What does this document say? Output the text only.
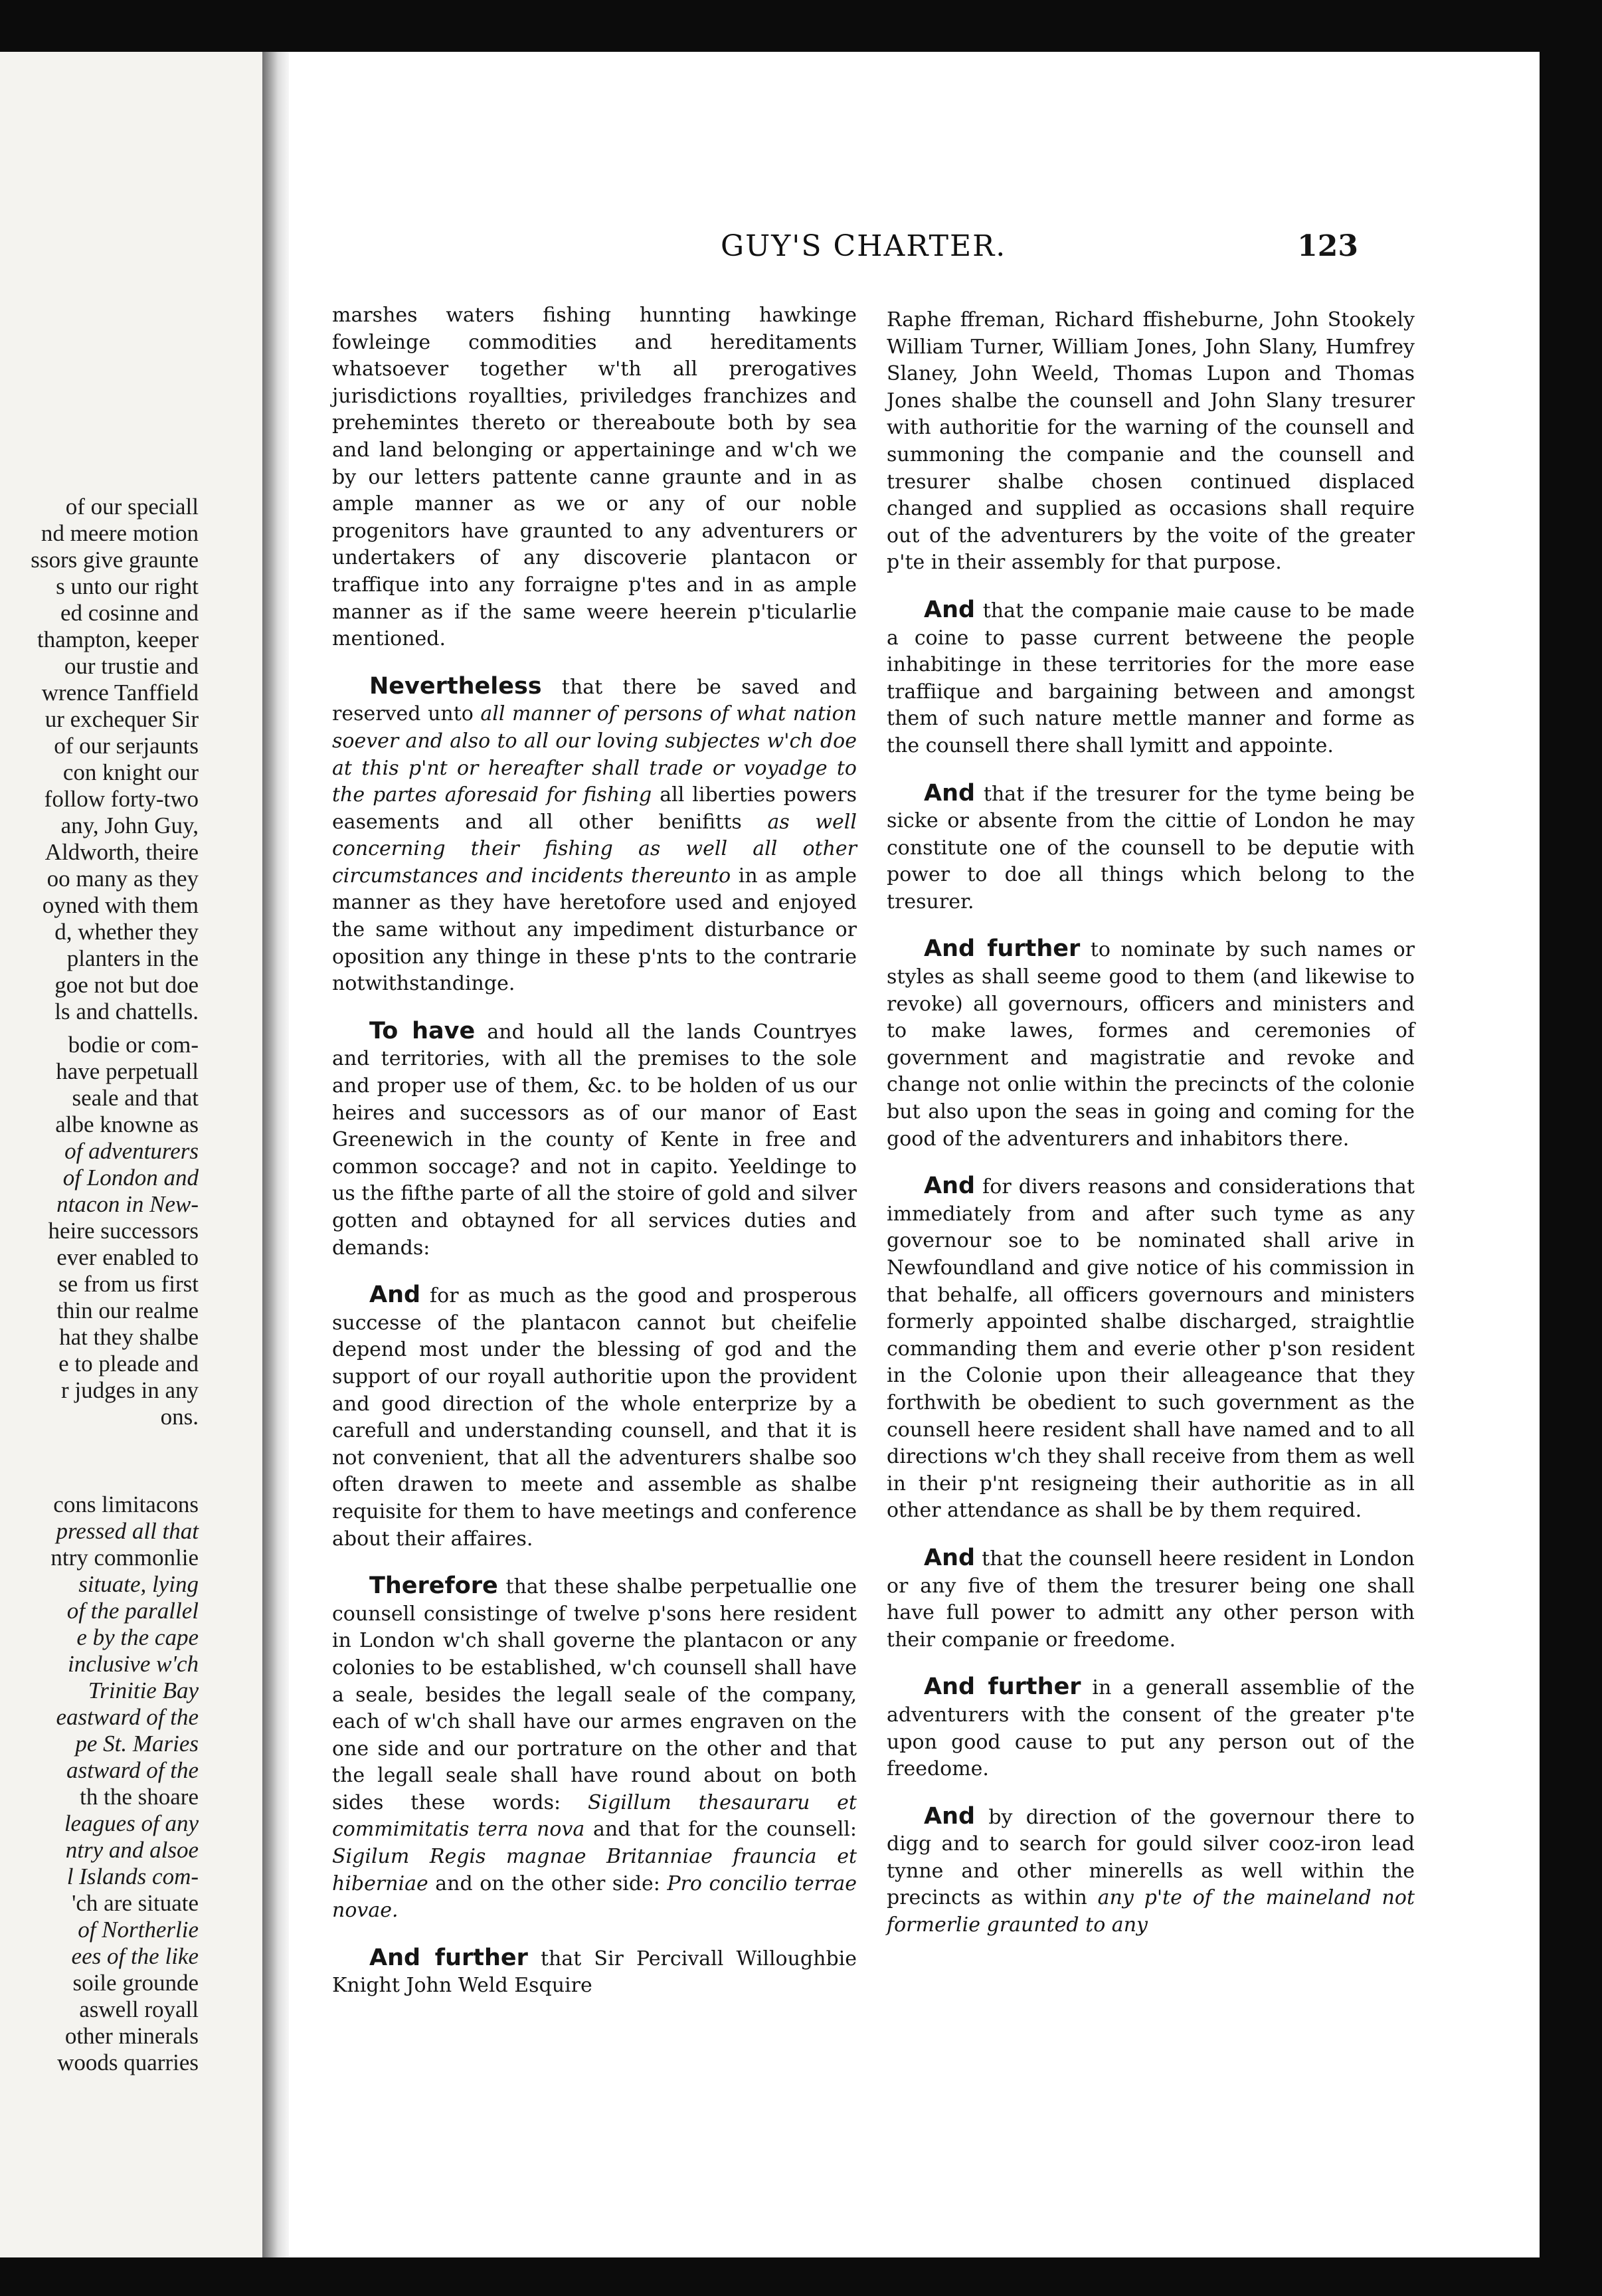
of our speciall
nd meere motion
ssors give graunte
s unto our right
ed cosinne and
thampton, keeper
our trustie and
wrence Tanffield
ur exchequer Sir
of our serjaunts
con knight our
follow forty-two
any, John Guy,
Aldworth, theire
oo many as they
oyned with them
d, whether they
planters in the
goe not but doe
ls and chattells.
bodie or com-
have perpetuall
seale and that
albe knowne as
of adventurers
of London and
ntacon in New-
heire successors
ever enabled to
se from us first
thin our realme
hat they shalbe
e to pleade and
r judges in any
ons.
cons limitacons
pressed all that
ntry commonlie
situate, lying
of the parallel
e by the cape
inclusive w'ch
Trinitie Bay
eastward of the
pe St. Maries
astward of the
th the shoare
leagues of any
ntry and alsoe
l Islands com-
'ch are situate
of Northerlie
ees of the like
soile grounde
aswell royall
other minerals
woods quarries
GUY'S CHARTER.	123

marshes waters fishing hunnting hawkinge fowleinge commodities and hereditaments whatsoever together w'th all prerogatives jurisdictions royallties, priviledges franchizes and prehemintes thereto or thereaboute both by sea and land belonging or appertaininge and w'ch we by our letters pattente canne graunte and in as ample manner as we or any of our noble progenitors have graunted to any adventurers or undertakers of any discoverie plantacon or traffique into any forraigne p'tes and in as ample manner as if the same weere heerein p'ticularlie mentioned.

Nevertheless that there be saved and reserved unto all manner of persons of what nation soever and also to all our loving subjectes w'ch doe at this p'nt or hereafter shall trade or voyadge to the partes aforesaid for fishing all liberties powers easements and all other benifitts as well concerning their fishing as well all other circumstances and incidents thereunto in as ample manner as they have heretofore used and enjoyed the same without any impediment disturbance or oposition any thinge in these p'nts to the contrarie notwithstandinge.

To have and hould all the lands Countryes and territories, with all the premises to the sole and proper use of them, &c. to be holden of us our heires and successors as of our manor of East Greenewich in the county of Kente in free and common soccage? and not in capito. Yeeldinge to us the fifthe parte of all the stoire of gold and silver gotten and obtayned for all services duties and demands:

And for as much as the good and prosperous successe of the plantacon cannot but cheifelie depend most under the blessing of god and the support of our royall authoritie upon the provident and good direction of the whole enterprize by a carefull and understanding counsell, and that it is not convenient, that all the adventurers shalbe soo often drawen to meete and assemble as shalbe requisite for them to have meetings and conference about their affaires.

Therefore that these shalbe perpetuallie one counsell consistinge of twelve p'sons here resident in London w'ch shall governe the plantacon or any colonies to be established, w'ch counsell shall have a seale, besides the legall seale of the company, each of w'ch shall have our armes engraven on the one side and our portrature on the other and that the legall seale shall have round about on both sides these words: Sigillum thesauraru et commimitatis terra nova and that for the counsell: Sigilum Regis magnae Britanniae frauncia et hiberniae and on the other side: Pro concilio terrae novae.

And further that Sir Percivall Willoughbie Knight John Weld Esquire

Raphe ffreman, Richard ffisheburne, John Stookely William Turner, William Jones, John Slany, Humfrey Slaney, John Weeld, Thomas Lupon and Thomas Jones shalbe the counsell and John Slany tresurer with authoritie for the warning of the counsell and summoning the companie and the counsell and tresurer shalbe chosen continued displaced changed and supplied as occasions shall require out of the adventurers by the voite of the greater p'te in their assembly for that purpose.

And that the companie maie cause to be made a coine to passe current betweene the people inhabitinge in these territories for the more ease traffiique and bargaining between and amongst them of such nature mettle manner and forme as the counsell there shall lymitt and appointe.

And that if the tresurer for the tyme being be sicke or absente from the cittie of London he may constitute one of the counsell to be deputie with power to doe all things which belong to the tresurer.

And further to nominate by such names or styles as shall seeme good to them (and likewise to revoke) all governours, officers and ministers and to make lawes, formes and ceremonies of government and magistratie and revoke and change not onlie within the precincts of the colonie but also upon the seas in going and coming for the good of the adventurers and inhabitors there.

And for divers reasons and considerations that immediately from and after such tyme as any governour soe to be nominated shall arive in Newfoundland and give notice of his commission in that behalfe, all officers governours and ministers formerly appointed shalbe discharged, straightlie commanding them and everie other p'son resident in the Colonie upon their alleageance that they forthwith be obedient to such government as the counsell heere resident shall have named and to all directions w'ch they shall receive from them as well in their p'nt resigneing their authoritie as in all other attendance as shall be by them required.

And that the counsell heere resident in London or any five of them the tresurer being one shall have full power to admitt any other person with their companie or freedome.

And further in a generall assemblie of the adventurers with the consent of the greater p'te upon good cause to put any person out of the freedome.

And by direction of the governour there to digg and to search for gould silver cooz-iron lead tynne and other minerells as well within the precincts as within any p'te of the maineland not formerlie graunted to any
